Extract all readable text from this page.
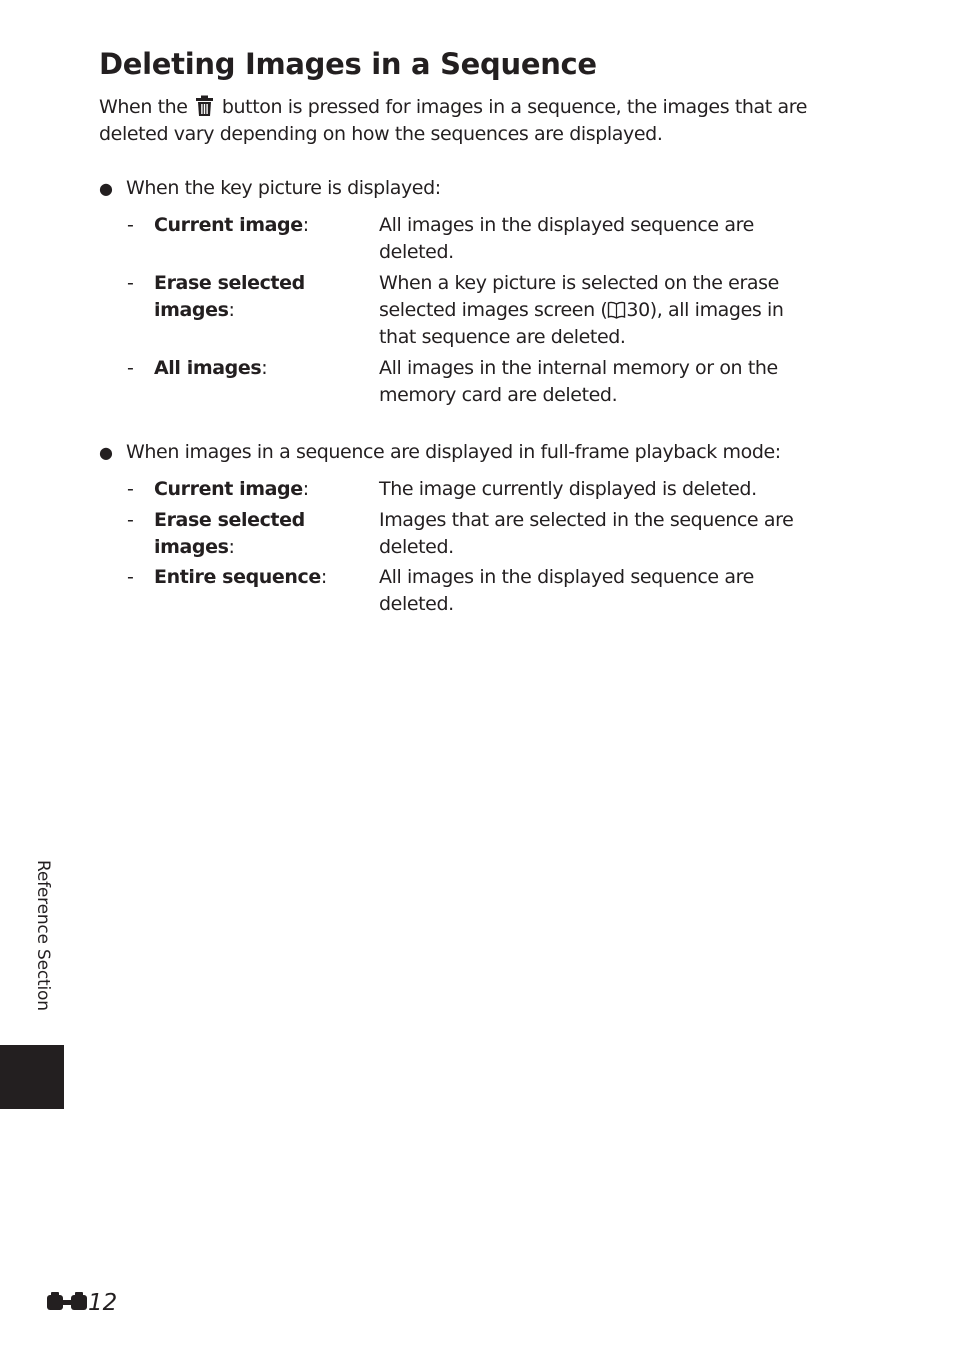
Deleting Images in a Sequence
When the button is pressed for images in a sequence, the images that are
deleted vary depending on how the sequences are displayed.
● When the key picture is displayed:
- Current image:	All images in the displayed sequence are
deleted.
- Erase selected
images:
When a key picture is selected on the erase
selected images screen ( 30), all images in
that sequence are deleted.
- All images:	All images in the internal memory or on the
memory card are deleted.
● When images in a sequence are displayed in full-frame playback mode:
- Current image:	The image currently displayed is deleted.
- Erase selected
images:
Images that are selected in the sequence are
deleted.
- Entire sequence:	All images in the displayed sequence are
deleted.
Reference Section
12
